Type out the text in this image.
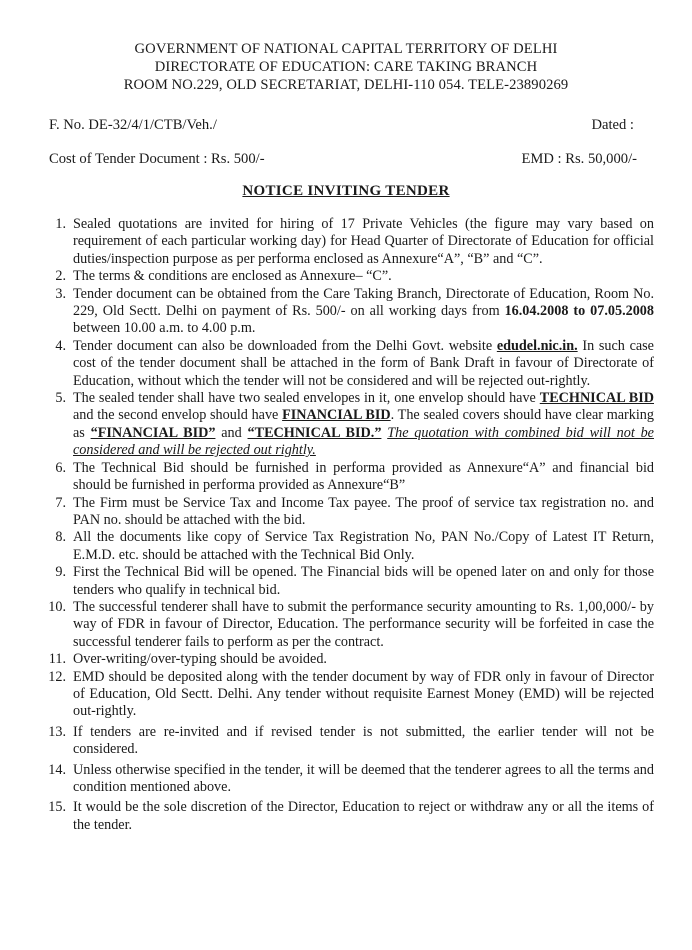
GOVERNMENT OF NATIONAL CAPITAL TERRITORY OF DELHI
DIRECTORATE OF EDUCATION: CARE TAKING BRANCH
ROOM NO.229, OLD SECRETARIAT, DELHI-110 054. TELE-23890269
F. No. DE-32/4/1/CTB/Veh./	Dated :
Cost of Tender Document : Rs. 500/-	EMD : Rs. 50,000/-
NOTICE INVITING TENDER
1. Sealed quotations are invited for hiring of 17 Private Vehicles (the figure may vary based on requirement of each particular working day) for Head Quarter of Directorate of Education for official duties/inspection purpose as per performa enclosed as Annexure“A”, “B” and “C”.
2. The terms & conditions are enclosed as Annexure– “C”.
3. Tender document can be obtained from the Care Taking Branch, Directorate of Education, Room No. 229, Old Sectt. Delhi on payment of Rs. 500/- on all working days from 16.04.2008 to 07.05.2008 between 10.00 a.m. to 4.00 p.m.
4. Tender document can also be downloaded from the Delhi Govt. website edudel.nic.in. In such case cost of the tender document shall be attached in the form of Bank Draft in favour of Directorate of Education, without which the tender will not be considered and will be rejected out-rightly.
5. The sealed tender shall have two sealed envelopes in it, one envelop should have TECHNICAL BID and the second envelop should have FINANCIAL BID. The sealed covers should have clear marking as “FINANCIAL BID” and “TECHNICAL BID.” The quotation with combined bid will not be considered and will be rejected out rightly.
6. The Technical Bid should be furnished in performa provided as Annexure“A” and financial bid should be furnished in performa provided as Annexure“B”
7. The Firm must be Service Tax and Income Tax payee. The proof of service tax registration no. and PAN no. should be attached with the bid.
8. All the documents like copy of Service Tax Registration No, PAN No./Copy of Latest IT Return, E.M.D. etc. should be attached with the Technical Bid Only.
9. First the Technical Bid will be opened. The Financial bids will be opened later on and only for those tenders who qualify in technical bid.
10. The successful tenderer shall have to submit the performance security amounting to Rs. 1,00,000/- by way of FDR in favour of Director, Education. The performance security will be forfeited in case the successful tenderer fails to perform as per the contract.
11. Over-writing/over-typing should be avoided.
12. EMD should be deposited along with the tender document by way of FDR only in favour of Director of Education, Old Sectt. Delhi. Any tender without requisite Earnest Money (EMD) will be rejected out-rightly.
13. If tenders are re-invited and if revised tender is not submitted, the earlier tender will not be considered.
14. Unless otherwise specified in the tender, it will be deemed that the tenderer agrees to all the terms and condition mentioned above.
15. It would be the sole discretion of the Director, Education to reject or withdraw any or all the items of the tender.
